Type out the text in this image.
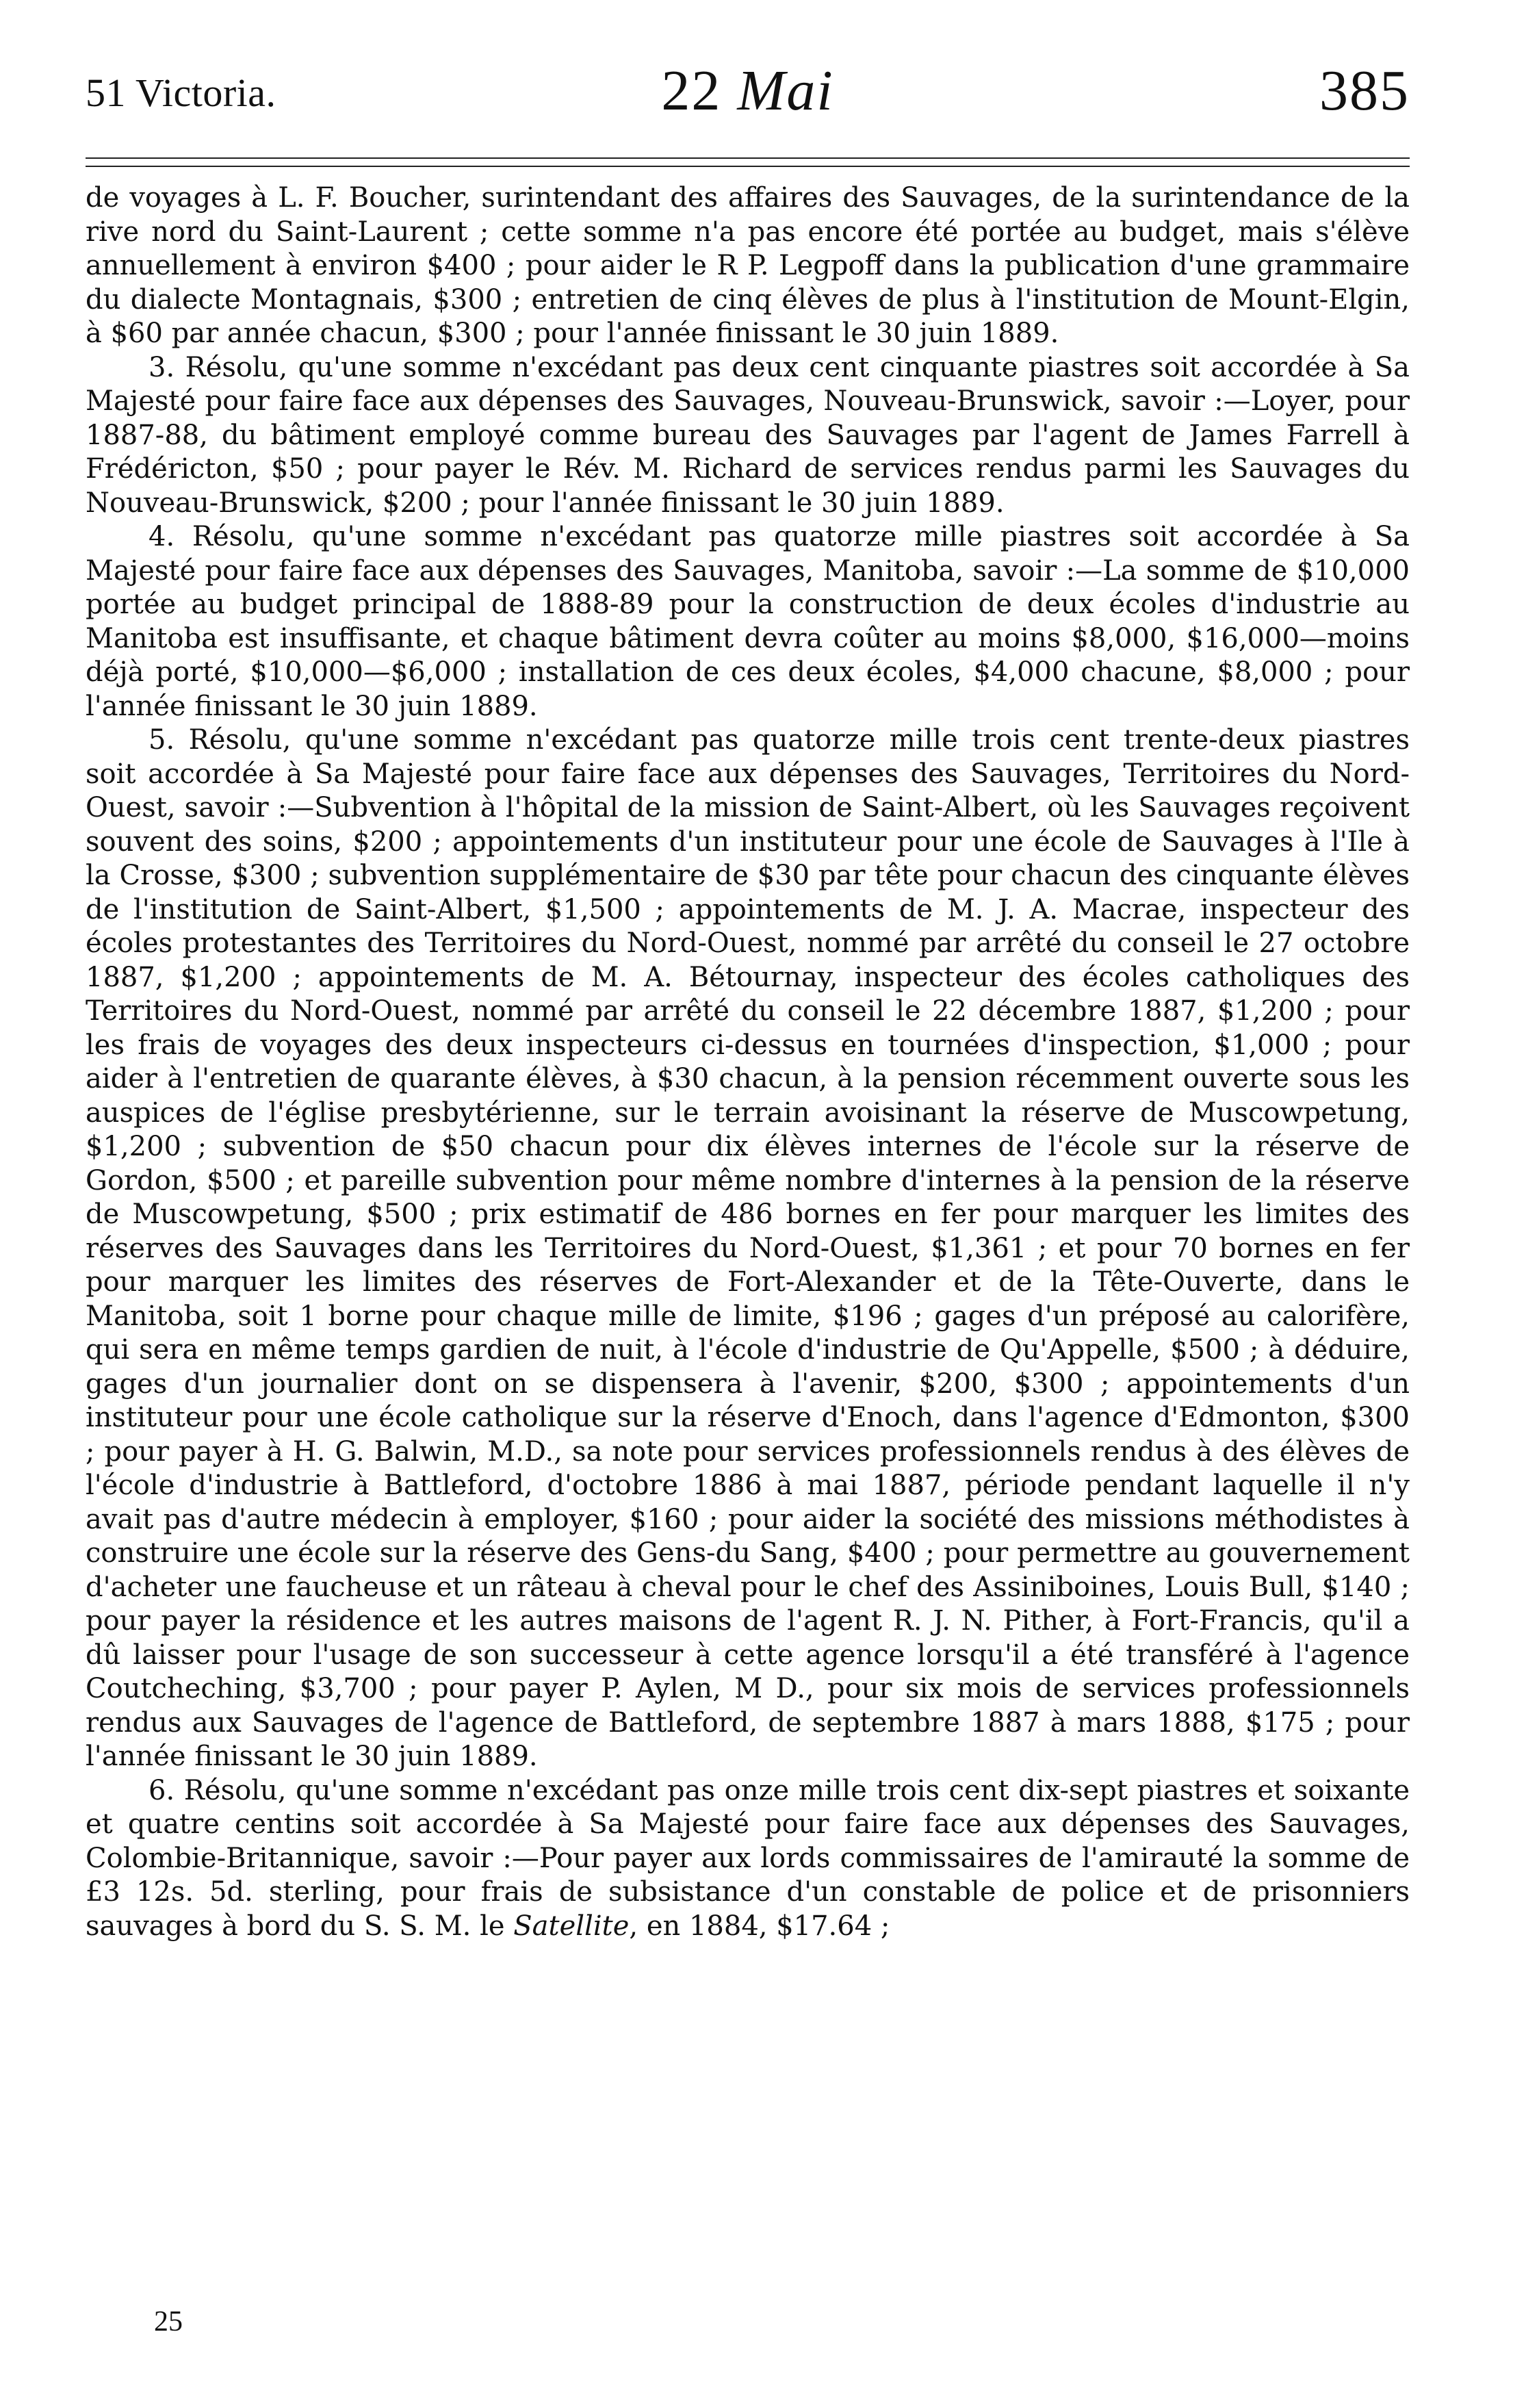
51 Victoria.	22 Mai	385

de voyages à L. F. Boucher, surintendant des affaires des Sauvages, de la surintendance de la rive nord du Saint-Laurent ; cette somme n'a pas encore été portée au budget, mais s'élève annuellement à environ $400 ; pour aider le R P. Legpoff dans la publication d'une grammaire du dialecte Montagnais, $300 ; entretien de cinq élèves de plus à l'institution de Mount-Elgin, à $60 par année chacun, $300 ; pour l'année finissant le 30 juin 1889.

3. Résolu, qu'une somme n'excédant pas deux cent cinquante piastres soit accordée à Sa Majesté pour faire face aux dépenses des Sauvages, Nouveau-Brunswick, savoir :—Loyer, pour 1887-88, du bâtiment employé comme bureau des Sauvages par l'agent de James Farrell à Frédéricton, $50 ; pour payer le Rév. M. Richard de services rendus parmi les Sauvages du Nouveau-Brunswick, $200 ; pour l'année finissant le 30 juin 1889.

4. Résolu, qu'une somme n'excédant pas quatorze mille piastres soit accordée à Sa Majesté pour faire face aux dépenses des Sauvages, Manitoba, savoir :—La somme de $10,000 portée au budget principal de 1888-89 pour la construction de deux écoles d'industrie au Manitoba est insuffisante, et chaque bâtiment devra coûter au moins $8,000, $16,000—moins déjà porté, $10,000—$6,000 ; installation de ces deux écoles, $4,000 chacune, $8,000 ; pour l'année finissant le 30 juin 1889.

5. Résolu, qu'une somme n'excédant pas quatorze mille trois cent trente-deux piastres soit accordée à Sa Majesté pour faire face aux dépenses des Sauvages, Territoires du Nord-Ouest, savoir :—Subvention à l'hôpital de la mission de Saint-Albert, où les Sauvages reçoivent souvent des soins, $200 ; appointements d'un instituteur pour une école de Sauvages à l'Ile à la Crosse, $300 ; subvention supplémentaire de $30 par tête pour chacun des cinquante élèves de l'institution de Saint-Albert, $1,500 ; appointements de M. J. A. Macrae, inspecteur des écoles protestantes des Territoires du Nord-Ouest, nommé par arrêté du conseil le 27 octobre 1887, $1,200 ; appointements de M. A. Bétournay, inspecteur des écoles catholiques des Territoires du Nord-Ouest, nommé par arrêté du conseil le 22 décembre 1887, $1,200 ; pour les frais de voyages des deux inspecteurs ci-dessus en tournées d'inspection, $1,000 ; pour aider à l'entretien de quarante élèves, à $30 chacun, à la pension récemment ouverte sous les auspices de l'église presbytérienne, sur le terrain avoisinant la réserve de Muscowpetung, $1,200 ; subvention de $50 chacun pour dix élèves internes de l'école sur la réserve de Gordon, $500 ; et pareille subvention pour même nombre d'internes à la pension de la réserve de Muscowpetung, $500 ; prix estimatif de 486 bornes en fer pour marquer les limites des réserves des Sauvages dans les Territoires du Nord-Ouest, $1,361 ; et pour 70 bornes en fer pour marquer les limites des réserves de Fort-Alexander et de la Tête-Ouverte, dans le Manitoba, soit 1 borne pour chaque mille de limite, $196 ; gages d'un préposé au calorifère, qui sera en même temps gardien de nuit, à l'école d'industrie de Qu'Appelle, $500 ; à déduire, gages d'un journalier dont on se dispensera à l'avenir, $200, $300 ; appointements d'un instituteur pour une école catholique sur la réserve d'Enoch, dans l'agence d'Edmonton, $300 ; pour payer à H. G. Balwin, M.D., sa note pour services professionnels rendus à des élèves de l'école d'industrie à Battleford, d'octobre 1886 à mai 1887, période pendant laquelle il n'y avait pas d'autre médecin à employer, $160 ; pour aider la société des missions méthodistes à construire une école sur la réserve des Gens-du Sang, $400 ; pour permettre au gouvernement d'acheter une faucheuse et un râteau à cheval pour le chef des Assiniboines, Louis Bull, $140 ; pour payer la résidence et les autres maisons de l'agent R. J. N. Pither, à Fort-Francis, qu'il a dû laisser pour l'usage de son successeur à cette agence lorsqu'il a été transféré à l'agence Coutcheching, $3,700 ; pour payer P. Aylen, M D., pour six mois de services professionnels rendus aux Sauvages de l'agence de Battleford, de septembre 1887 à mars 1888, $175 ; pour l'année finissant le 30 juin 1889.

6. Résolu, qu'une somme n'excédant pas onze mille trois cent dix-sept piastres et soixante et quatre centins soit accordée à Sa Majesté pour faire face aux dépenses des Sauvages, Colombie-Britannique, savoir :—Pour payer aux lords commissaires de l'amirauté la somme de £3 12s. 5d. sterling, pour frais de subsistance d'un constable de police et de prisonniers sauvages à bord du S. S. M. le Satellite, en 1884, $17.64 ;

25
